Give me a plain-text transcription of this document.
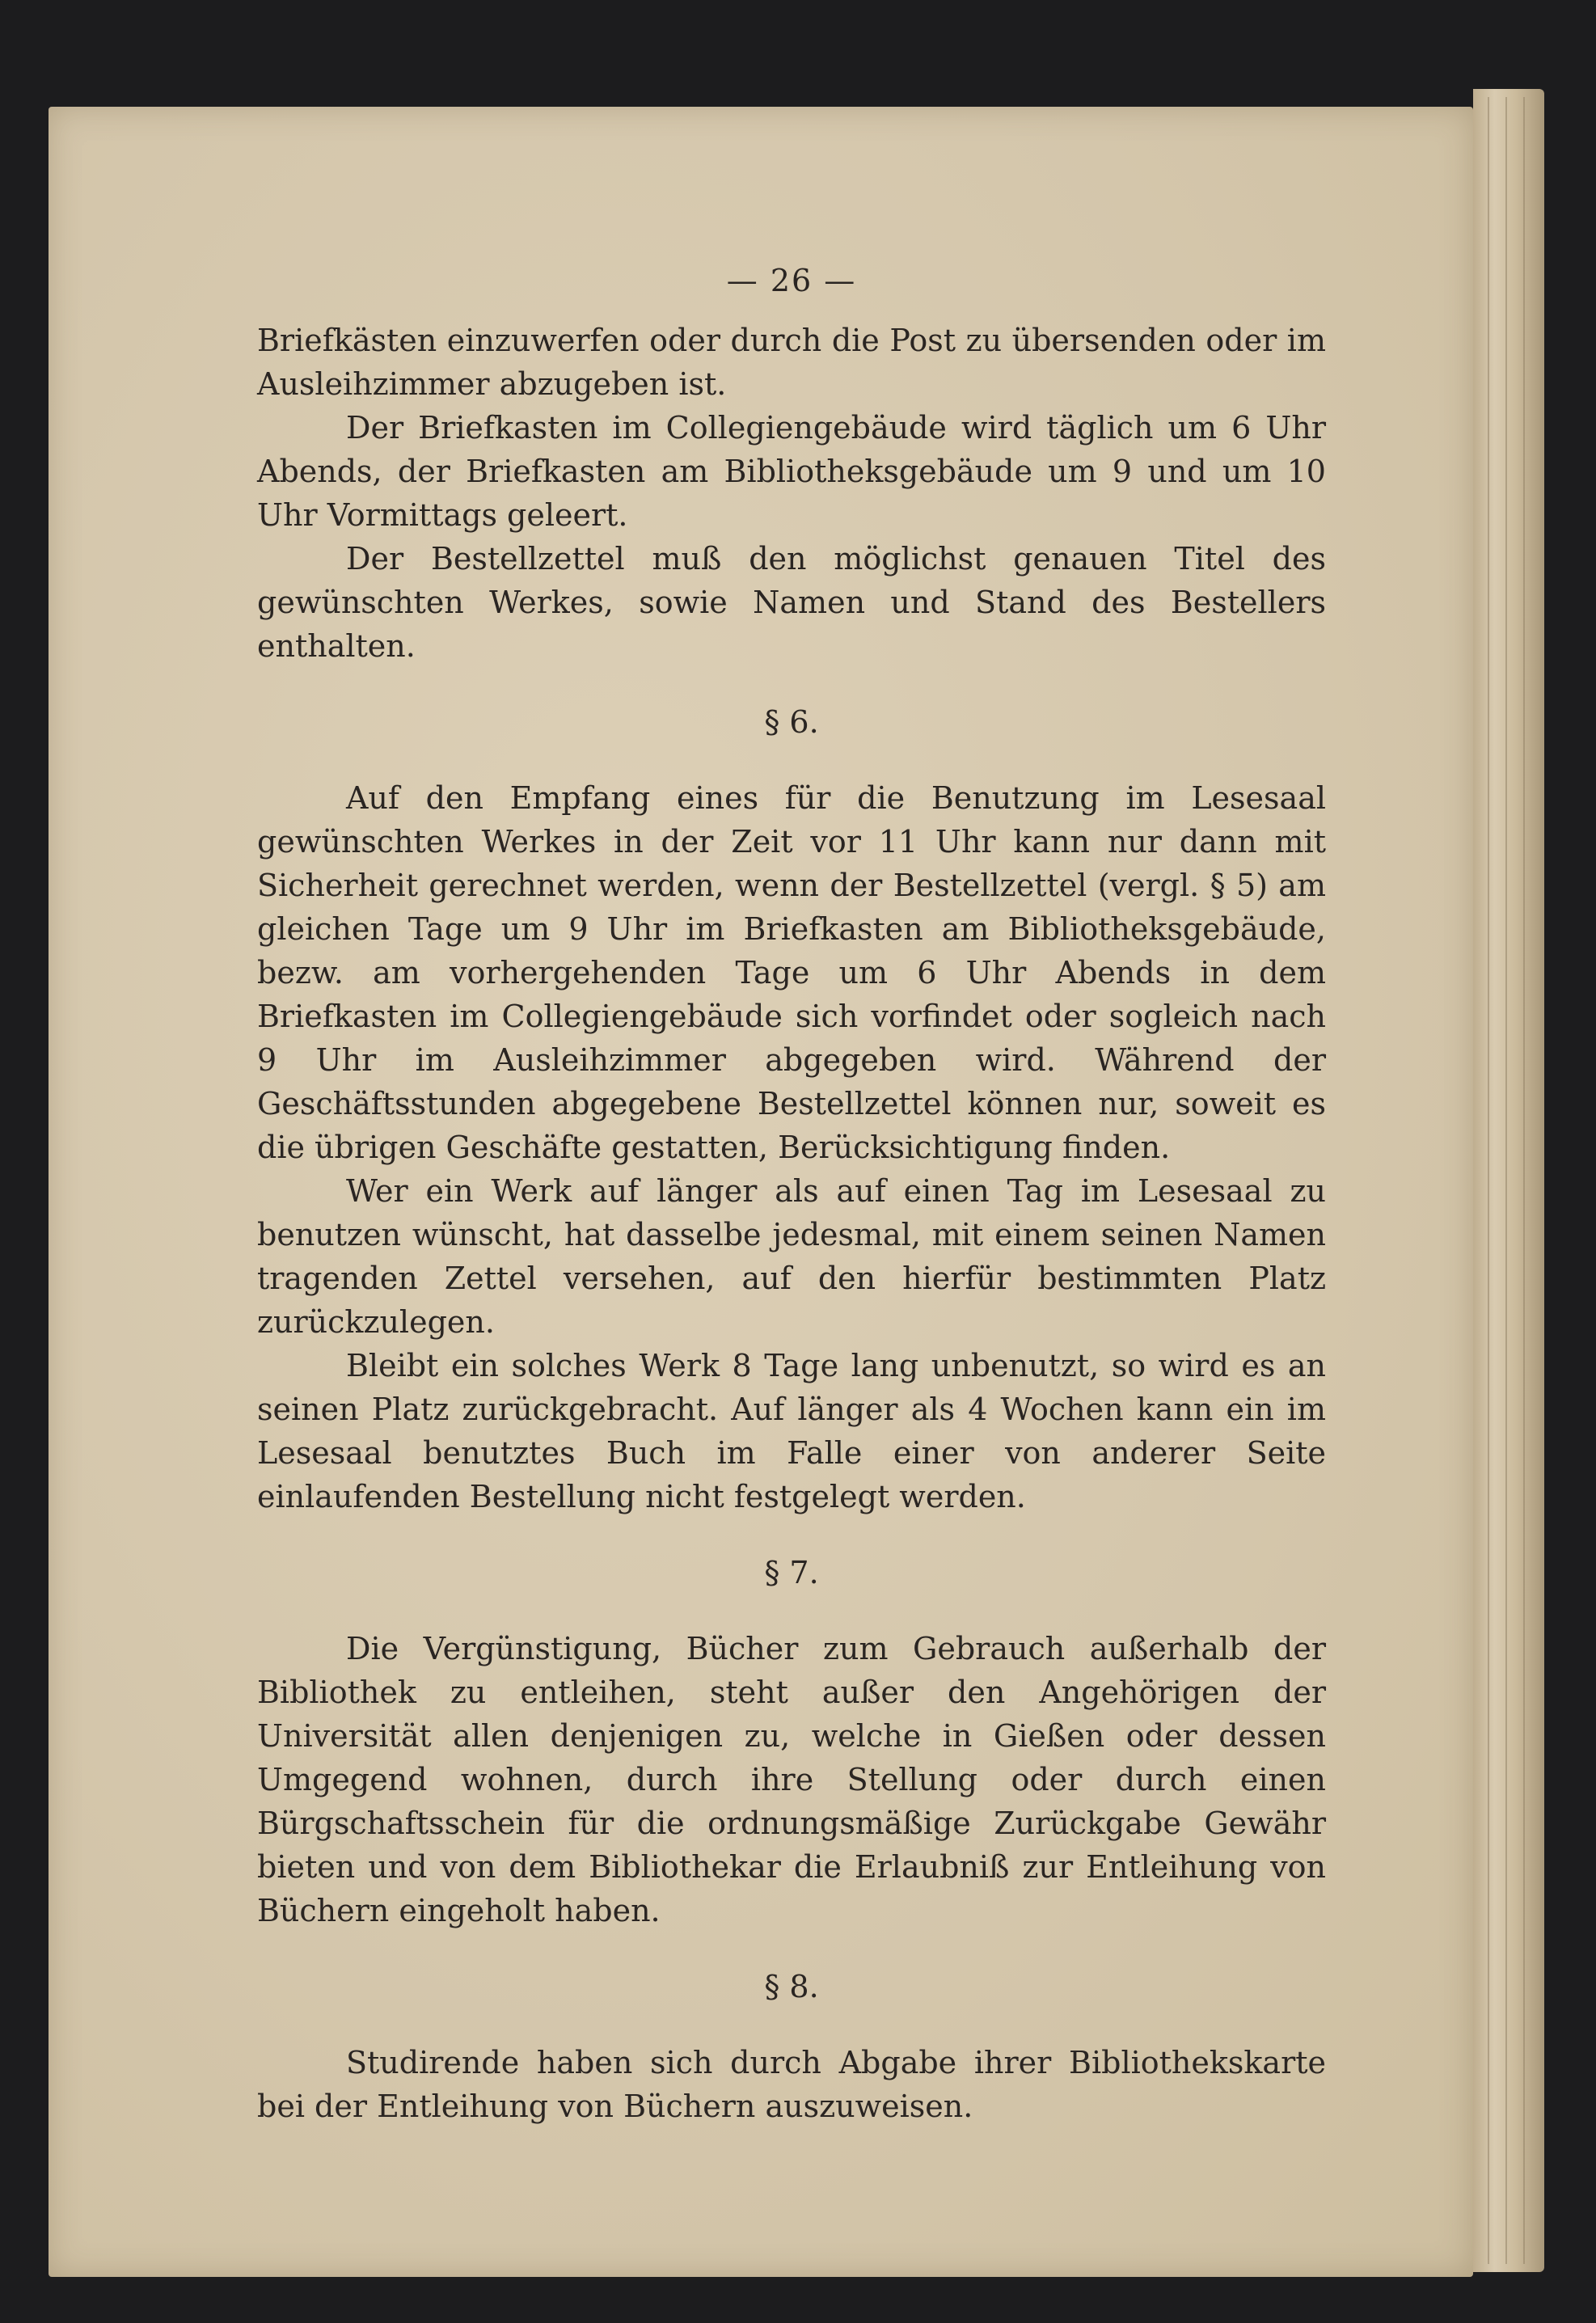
— 26 —

Briefkästen einzuwerfen oder durch die Post zu übersenden oder im Ausleihzimmer abzugeben ist.

Der Briefkasten im Collegiengebäude wird täglich um 6 Uhr Abends, der Briefkasten am Bibliotheksgebäude um 9 und um 10 Uhr Vormittags geleert.

Der Bestellzettel muß den möglichst genauen Titel des gewünschten Werkes, sowie Namen und Stand des Bestellers enthalten.

§ 6.

Auf den Empfang eines für die Benutzung im Lesesaal gewünschten Werkes in der Zeit vor 11 Uhr kann nur dann mit Sicherheit gerechnet werden, wenn der Bestellzettel (vergl. § 5) am gleichen Tage um 9 Uhr im Briefkasten am Bibliotheksgebäude, bezw. am vorhergehenden Tage um 6 Uhr Abends in dem Briefkasten im Collegiengebäude sich vorfindet oder sogleich nach 9 Uhr im Ausleihzimmer abgegeben wird. Während der Geschäftsstunden abgegebene Bestellzettel können nur, soweit es die übrigen Geschäfte gestatten, Berücksichtigung finden.

Wer ein Werk auf länger als auf einen Tag im Lesesaal zu benutzen wünscht, hat dasselbe jedesmal, mit einem seinen Namen tragenden Zettel versehen, auf den hierfür bestimmten Platz zurückzulegen.

Bleibt ein solches Werk 8 Tage lang unbenutzt, so wird es an seinen Platz zurückgebracht. Auf länger als 4 Wochen kann ein im Lesesaal benutztes Buch im Falle einer von anderer Seite einlaufenden Bestellung nicht festgelegt werden.

§ 7.

Die Vergünstigung, Bücher zum Gebrauch außerhalb der Bibliothek zu entleihen, steht außer den Angehörigen der Universität allen denjenigen zu, welche in Gießen oder dessen Umgegend wohnen, durch ihre Stellung oder durch einen Bürgschaftsschein für die ordnungsmäßige Zurückgabe Gewähr bieten und von dem Bibliothekar die Erlaubniß zur Entleihung von Büchern eingeholt haben.

§ 8.

Studirende haben sich durch Abgabe ihrer Bibliothekskarte bei der Entleihung von Büchern auszuweisen.
